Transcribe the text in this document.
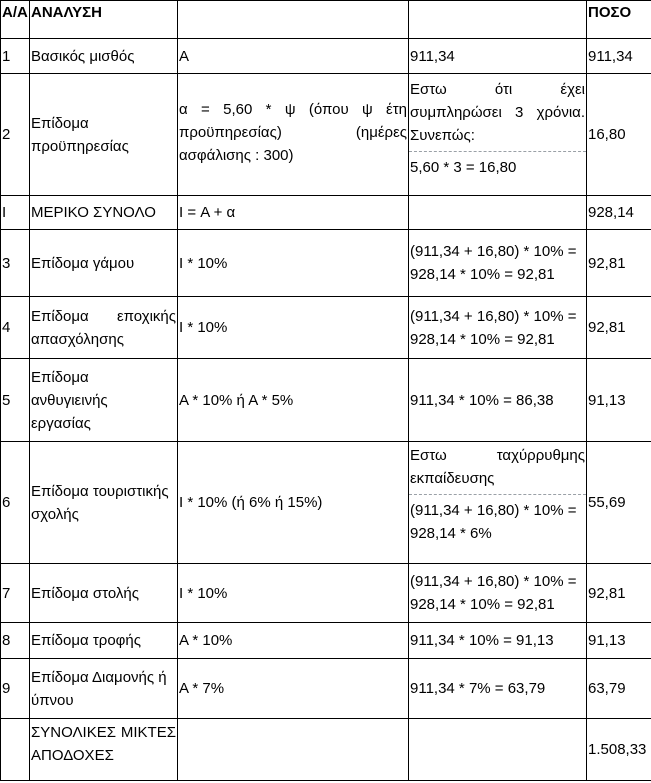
Α/Α	ΑΝΑΛΥΣΗ			ΠΟΣΟ

1	Βασικός μισθός	Α	911,34	911,34

2	Επίδομα προϋπηρεσίας	α = 5,60 * ψ (όπου ψ έτη προϋπηρεσίας) (ημέρες ασφάλισης : 300)	Εστω ότι έχει συμπληρώσει 3 χρόνια. Συνεπώς:
5,60 * 3 = 16,80	16,80

I	ΜΕΡΙΚΟ ΣΥΝΟΛΟ	I = Α + α		928,14

3	Επίδομα γάμου	I * 10%	(911,34 + 16,80) * 10% = 928,14 * 10% = 92,81	92,81

4	Επίδομα εποχικής απασχόλησης	I * 10%	(911,34 + 16,80) * 10% = 928,14 * 10% = 92,81	92,81

5	Επίδομα ανθυγιεινής εργασίας	Α * 10% ή Α * 5%	911,34 * 10% = 86,38	91,13

6	Επίδομα τουριστικής σχολής	I * 10% (ή 6% ή 15%)	Εστω ταχύρρυθμης εκπαίδευσης
(911,34 + 16,80) * 10% = 928,14 * 6%	55,69

7	Επίδομα στολής	I * 10%	(911,34 + 16,80) * 10% = 928,14 * 10% = 92,81	92,81

8	Επίδομα τροφής	Α * 10%	911,34 * 10% = 91,13	91,13

9	Επίδομα Διαμονής ή ύπνου	Α * 7%	911,34 * 7% = 63,79	63,79

	ΣΥΝΟΛΙΚΕΣ ΜΙΚΤΕΣ ΑΠΟΔΟΧΕΣ			1.508,33
